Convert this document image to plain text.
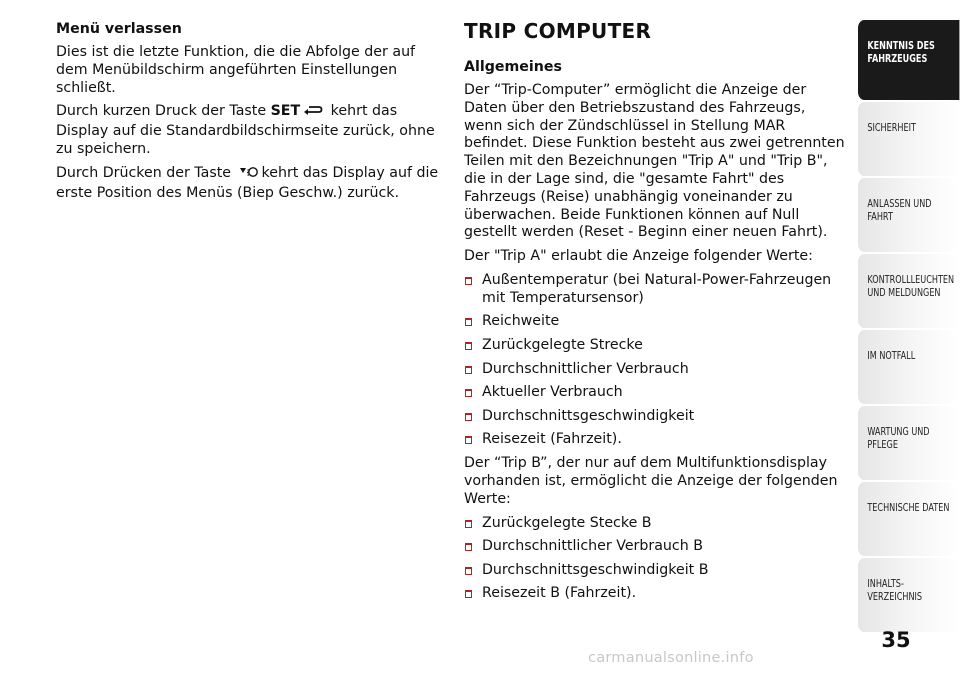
Menü verlassen

Dies ist die letzte Funktion, die die Abfolge der auf dem Menübildschirm angeführten Einstellungen schließt.

Durch kurzen Druck der Taste SET kehrt das Display auf die Standardbildschirmseite zurück, ohne zu speichern.

Durch Drücken der Taste kehrt das Display auf die erste Position des Menüs (Biep Geschw.) zurück.

TRIP COMPUTER
Allgemeines

Der “Trip-Computer” ermöglicht die Anzeige der Daten über den Betriebszustand des Fahrzeugs, wenn sich der Zündschlüssel in Stellung MAR befindet. Diese Funktion besteht aus zwei getrennten Teilen mit den Bezeichnungen "Trip A" und "Trip B", die in der Lage sind, die "gesamte Fahrt" des Fahrzeugs (Reise) unabhängig voneinander zu überwachen. Beide Funktionen können auf Null gestellt werden (Reset - Beginn einer neuen Fahrt).

Der "Trip A" erlaubt die Anzeige folgender Werte:

Außentemperatur (bei Natural-Power-Fahrzeugen mit Temperatursensor)
Reichweite
Zurückgelegte Strecke
Durchschnittlicher Verbrauch
Aktueller Verbrauch
Durchschnittsgeschwindigkeit
Reisezeit (Fahrzeit).

Der “Trip B”, der nur auf dem Multifunktionsdisplay vorhanden ist, ermöglicht die Anzeige der folgenden Werte:

Zurückgelegte Stecke B
Durchschnittlicher Verbrauch B
Durchschnittsgeschwindigkeit B
Reisezeit B (Fahrzeit).
KENNTNIS DES FAHRZEUGES
SICHERHEIT
ANLASSEN UND FAHRT
KONTROLLLEUCHTEN UND MELDUNGEN
IM NOTFALL
WARTUNG UND PFLEGE
TECHNISCHE DATEN
INHALTS-VERZEICHNIS
35
carmanualsonline.info
